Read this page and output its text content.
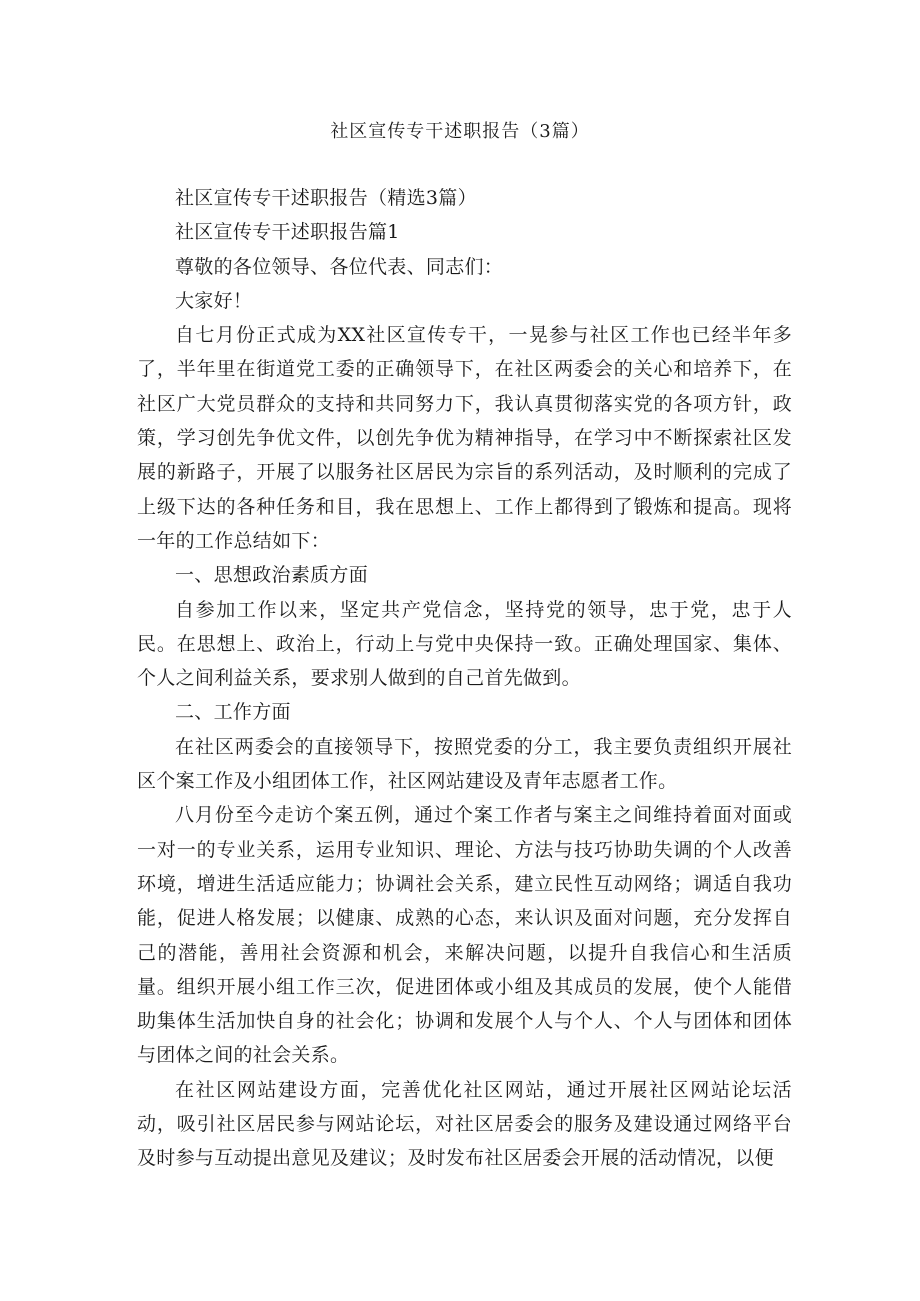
社区宣传专干述职报告（3篇）

社区宣传专干述职报告（精选3篇）

社区宣传专干述职报告篇1

尊敬的各位领导、各位代表、同志们：

大家好！

自七月份正式成为XX社区宣传专干，一晃参与社区工作也已经半年多了，半年里在街道党工委的正确领导下，在社区两委会的关心和培养下，在社区广大党员群众的支持和共同努力下，我认真贯彻落实党的各项方针，政策，学习创先争优文件，以创先争优为精神指导，在学习中不断探索社区发展的新路子，开展了以服务社区居民为宗旨的系列活动，及时顺利的完成了上级下达的各种任务和目，我在思想上、工作上都得到了锻炼和提高。现将一年的工作总结如下：

一、思想政治素质方面

自参加工作以来，坚定共产党信念，坚持党的领导，忠于党，忠于人民。在思想上、政治上，行动上与党中央保持一致。正确处理国家、集体、个人之间利益关系，要求别人做到的自己首先做到。

二、工作方面

在社区两委会的直接领导下，按照党委的分工，我主要负责组织开展社区个案工作及小组团体工作，社区网站建设及青年志愿者工作。

八月份至今走访个案五例，通过个案工作者与案主之间维持着面对面或一对一的专业关系，运用专业知识、理论、方法与技巧协助失调的个人改善环境，增进生活适应能力；协调社会关系，建立民性互动网络；调适自我功能，促进人格发展；以健康、成熟的心态，来认识及面对问题，充分发挥自己的潜能，善用社会资源和机会，来解决问题，以提升自我信心和生活质量。组织开展小组工作三次，促进团体或小组及其成员的发展，使个人能借助集体生活加快自身的社会化；协调和发展个人与个人、个人与团体和团体与团体之间的社会关系。

在社区网站建设方面，完善优化社区网站，通过开展社区网站论坛活动，吸引社区居民参与网站论坛，对社区居委会的服务及建设通过网络平台及时参与互动提出意见及建议；及时发布社区居委会开展的活动情况，以便
